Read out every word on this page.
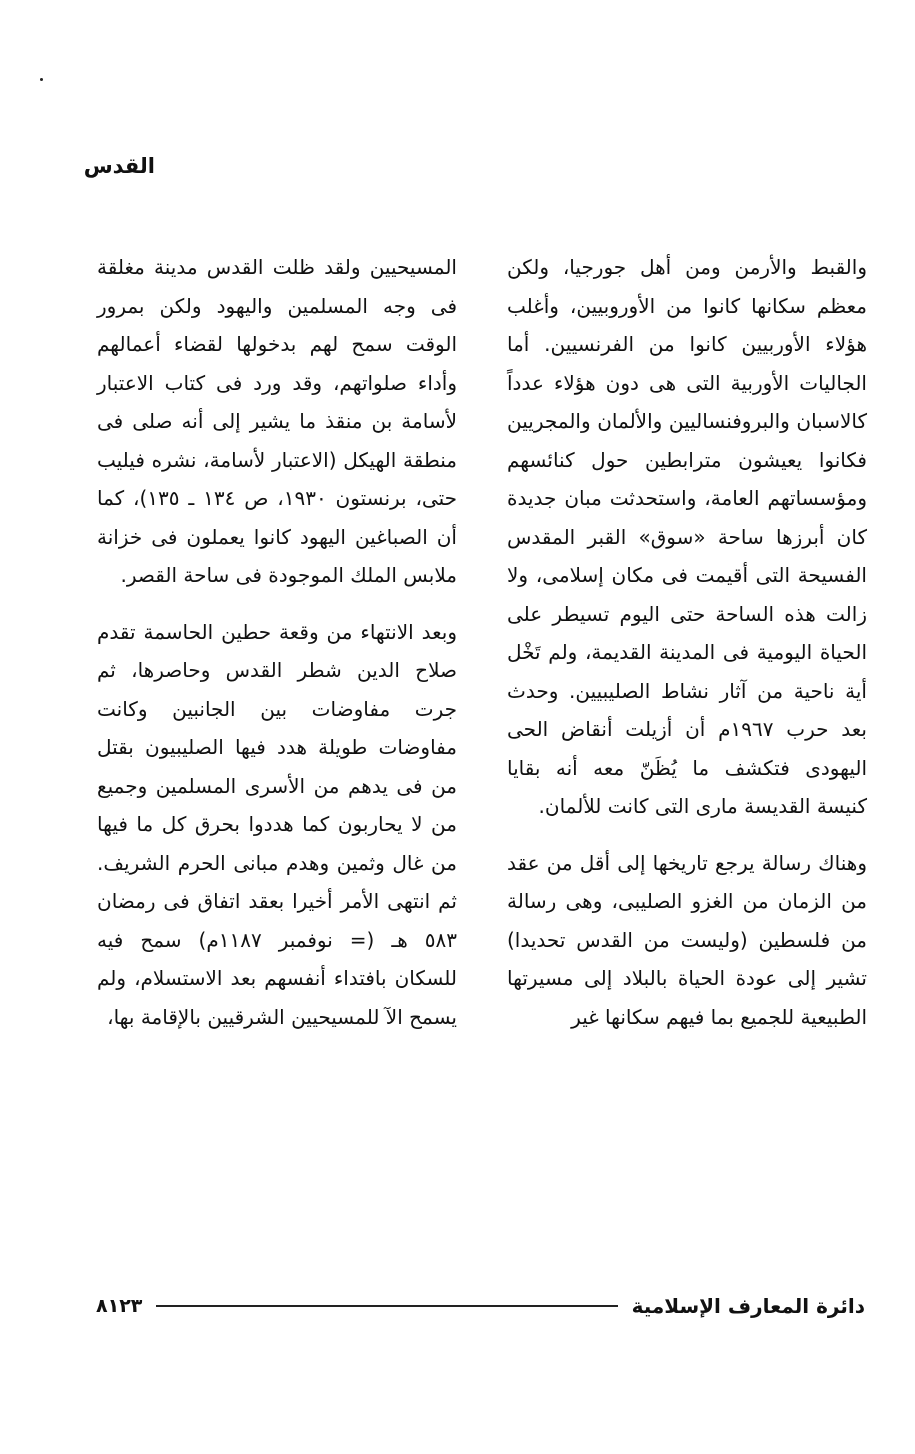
القدس

والقبط والأرمن ومن أهل جورجيا، ولكن معظم سكانها كانوا من الأوروبيين، وأغلب هؤلاء الأوربيين كانوا من الفرنسيين. أما الجاليات الأوربية التى هى دون هؤلاء عدداً كالاسبان والبروفنساليين والألمان والمجريين فكانوا يعيشون مترابطين حول كنائسهم ومؤسساتهم العامة، واستحدثت مبان جديدة كان أبرزها ساحة «سوق» القبر المقدس الفسيحة التى أقيمت فى مكان إسلامى، ولا زالت هذه الساحة حتى اليوم تسيطر على الحياة اليومية فى المدينة القديمة، ولم تَخْل أية ناحية من آثار نشاط الصليبيين. وحدث بعد حرب ١٩٦٧م أن أزيلت أنقاض الحى اليهودى فتكشف ما يُظَنّ معه أنه بقايا كنيسة القديسة مارى التى كانت للألمان.

وهناك رسالة يرجع تاريخها إلى أقل من عقد من الزمان من الغزو الصليبى، وهى رسالة من فلسطين (وليست من القدس تحديدا) تشير إلى عودة الحياة بالبلاد إلى مسيرتها الطبيعية للجميع بما فيهم سكانها غير

المسيحيين ولقد ظلت القدس مدينة مغلقة فى وجه المسلمين واليهود ولكن بمرور الوقت سمح لهم بدخولها لقضاء أعمالهم وأداء صلواتهم، وقد ورد فى كتاب الاعتبار لأسامة بن منقذ ما يشير إلى أنه صلى فى منطقة الهيكل (الاعتبار لأسامة، نشره فيليب حتى، برنستون ١٩٣٠، ص ١٣٤ ـ ١٣٥)، كما أن الصباغين اليهود كانوا يعملون فى خزانة ملابس الملك الموجودة فى ساحة القصر.

وبعد الانتهاء من وقعة حطين الحاسمة تقدم صلاح الدين شطر القدس وحاصرها، ثم جرت مفاوضات بين الجانبين وكانت مفاوضات طويلة هدد فيها الصليبيون بقتل من فى يدهم من الأسرى المسلمين وجميع من لا يحاربون كما هددوا بحرق كل ما فيها من غال وثمين وهدم مبانى الحرم الشريف. ثم انتهى الأمر أخيرا بعقد اتفاق فى رمضان ٥٨٣ هـ (= نوفمبر ١١٨٧م) سمح فيه للسكان بافتداء أنفسهم بعد الاستسلام، ولم يسمح الآ للمسيحيين الشرقيين بالإقامة بها،

دائرة المعارف الإسلامية
٨١٢٣
